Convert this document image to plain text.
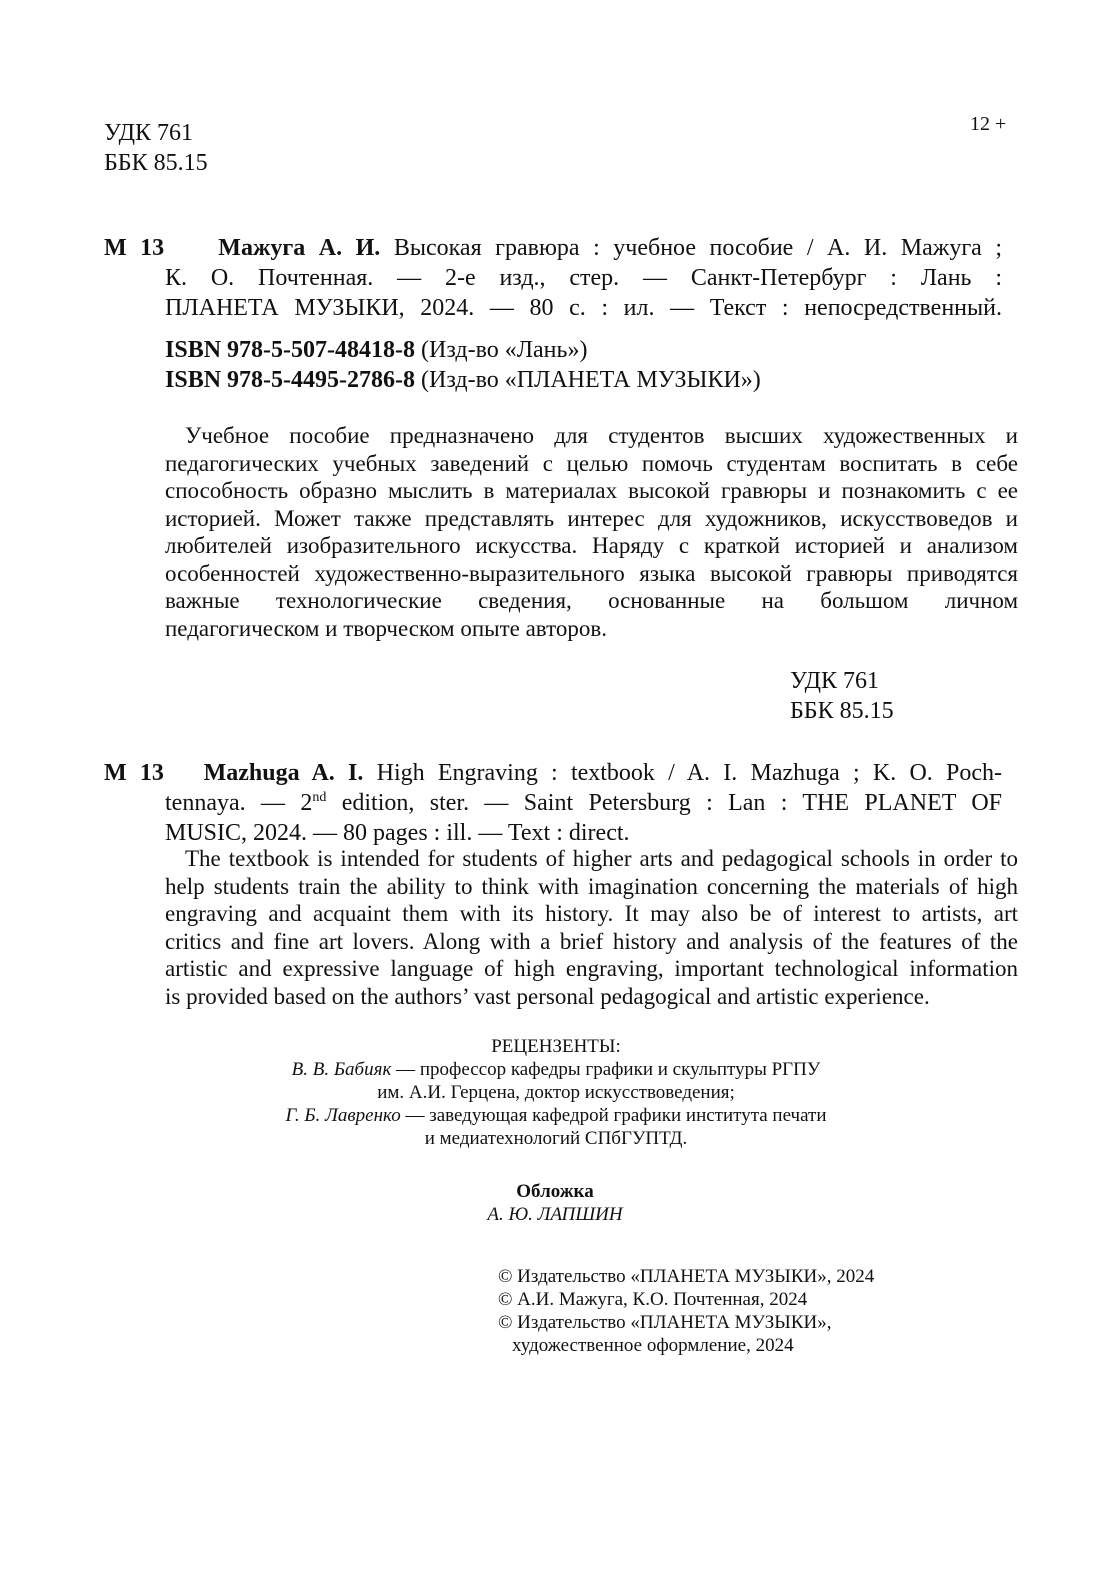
УДК 761
ББК 85.15
12 +
М 13 Мажуга А. И. Высокая гравюра : учебное пособие / А. И. Мажуга ;
К. О. Почтенная. — 2-е изд., стер. — Санкт-Петербург : Лань :
ПЛАНЕТА МУЗЫКИ, 2024. — 80 с. : ил. — Текст : непосредственный.
ISBN 978-5-507-48418-8 (Изд-во «Лань»)
ISBN 978-5-4495-2786-8 (Изд-во «ПЛАНЕТА МУЗЫКИ»)
Учебное пособие предназначено для студентов высших художественных и
педагогических учебных заведений с целью помочь студентам воспитать в себе
способность образно мыслить в материалах высокой гравюры и познакомить с ее
историей. Может также представлять интерес для художников, искусствоведов и
любителей изобразительного искусства. Наряду с краткой историей и анализом
особенностей художественно-выразительного языка высокой гравюры приводятся
важные технологические сведения, основанные на большом личном
педагогическом и творческом опыте авторов.
УДК 761
ББК 85.15
М 13 Mazhuga A. I. High Engraving : textbook / A. I. Mazhuga ; K. O. Poch-
tennaya. — 2nd edition, ster. — Saint Petersburg : Lan : THE PLANET OF
MUSIC, 2024. — 80 pages : ill. — Text : direct.
The textbook is intended for students of higher arts and pedagogical schools in order to
help students train the ability to think with imagination concerning the materials of high
engraving and acquaint them with its history. It may also be of interest to artists, art
critics and fine art lovers. Along with a brief history and analysis of the features of the
artistic and expressive language of high engraving, important technological information
is provided based on the authors’ vast personal pedagogical and artistic experience.
РЕЦЕНЗЕНТЫ:
В. В. Бабияк — профессор кафедры графики и скульптуры РГПУ
им. А.И. Герцена, доктор искусствоведения;
Г. Б. Лавренко — заведующая кафедрой графики института печати
и медиатехнологий СПбГУПТД.
Обложка
А. Ю. ЛАПШИН
© Издательство «ПЛАНЕТА МУЗЫКИ», 2024
© А.И. Мажуга, К.О. Почтенная, 2024
© Издательство «ПЛАНЕТА МУЗЫКИ»,
художественное оформление, 2024
